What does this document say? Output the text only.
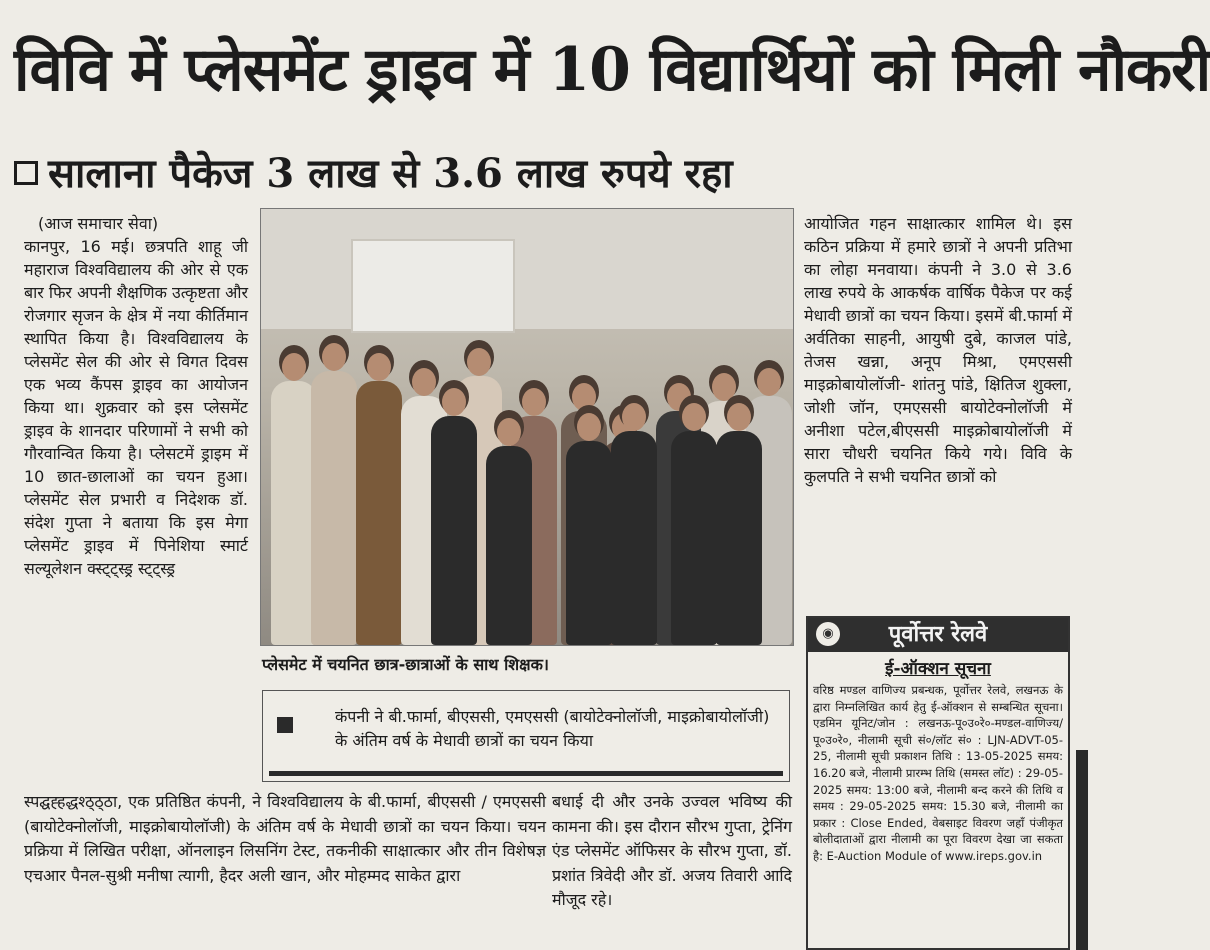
विवि में प्लेसमेंट ड्राइव में 10 विद्यार्थियों को मिली नौकरी
सालाना पैकेज 3 लाख से 3.6 लाख रुपये रहा
(आज समाचार सेवा)

कानपुर, 16 मई। छत्रपति शाहू जी महाराज विश्वविद्यालय की ओर से एक बार फिर अपनी शैक्षणिक उत्कृष्टता और रोजगार सृजन के क्षेत्र में नया कीर्तिमान स्थापित किया है। विश्वविद्यालय के प्लेसमेंट सेल की ओर से विगत दिवस एक भव्य कैंपस ड्राइव का आयोजन किया था। शुक्रवार को इस प्लेसमेंट ड्राइव के शानदार परिणामों ने सभी को गौरवान्वित किया है। प्लेसटमें ड्राइम में 10 छात-छालाओं का चयन हुआ। प्लेसमेंट सेल प्रभारी व निदेशक डॉ. संदेश गुप्ता ने बताया कि इस मेगा प्लेसमेंट ड्राइव में पिनेशिया स्मार्ट सल्यूलेशन क्स्ट्ट्स्ड्र स्ट्ट्स्ड्र

प्लेसमेट में चयनित छात्र-छात्राओं के साथ शिक्षक।
कंपनी ने बी.फार्मा, बीएससी, एमएससी (बायोटेक्नोलॉजी, माइक्रोबायोलॉजी) के अंतिम वर्ष के मेधावी छात्रों का चयन किया

आयोजित गहन साक्षात्कार शामिल थे। इस कठिन प्रक्रिया में हमारे छात्रों ने अपनी प्रतिभा का लोहा मनवाया। कंपनी ने 3.0 से 3.6 लाख रुपये के आकर्षक वार्षिक पैकेज पर कई मेधावी छात्रों का चयन किया। इसमें बी.फार्मा में अर्वतिका साहनी, आयुषी दुबे, काजल पांडे, तेजस खन्ना, अनूप मिश्रा, एमएससी माइक्रोबायोलॉजी- शांतनु पांडे, क्षितिज शुक्ला, जोशी जॉन, एमएससी बायोटेक्नोलॉजी में अनीशा पटेल,बीएससी माइक्रोबायोलॉजी में सारा चौधरी चयनित किये गये। विवि के कुलपति ने सभी चयनित छात्रों को

स्पद्घह्हद्धश्ठ्ठ्ठा, एक प्रतिष्ठित कंपनी, ने विश्वविद्यालय के बी.फार्मा, बीएससी / एमएससी (बायोटेक्नोलॉजी, माइक्रोबायोलॉजी) के अंतिम वर्ष के मेधावी छात्रों का चयन किया। चयन प्रक्रिया में लिखित परीक्षा, ऑनलाइन लिसनिंग टेस्ट, तकनीकी साक्षात्कार और तीन विशेषज्ञ एचआर पैनल-सुश्री मनीषा त्यागी, हैदर अली खान, और मोहम्मद साकेत द्वारा
बधाई दी और उनके उज्वल भविष्य की कामना की। इस दौरान सौरभ गुप्ता, ट्रेनिंग एंड प्लेसमेंट ऑफिसर के सौरभ गुप्ता, डॉ. प्रशांत त्रिवेदी और डॉ. अजय तिवारी आदि मौजूद रहे।
◉	पूर्वोत्तर रेलवे
ई-ऑक्शन सूचना
वरिष्ठ मण्डल वाणिज्य प्रबन्धक, पूर्वोत्तर रेलवे, लखनऊ के द्वारा निम्नलिखित कार्य हेतु ई-ऑक्शन से सम्बन्धित सूचना। एडमिन यूनिट/जोन : लखनऊ-पू०उ०रे०-मण्डल-वाणिज्य/ पू०उ०रे०, नीलामी सूची सं०/लॉट सं० : LJN-ADVT-05-25, नीलामी सूची प्रकाशन तिथि : 13-05-2025 समय: 16.20 बजे, नीलामी प्रारम्भ तिथि (समस्त लॉट) : 29-05-2025 समय: 13:00 बजे, नीलामी बन्द करने की तिथि व समय : 29-05-2025 समय: 15.30 बजे, नीलामी का प्रकार : Close Ended, वेबसाइट विवरण जहाँ पंजीकृत बोलीदाताओं द्वारा नीलामी का पूरा विवरण देखा जा सकता है: E-Auction Module of www.ireps.gov.in
